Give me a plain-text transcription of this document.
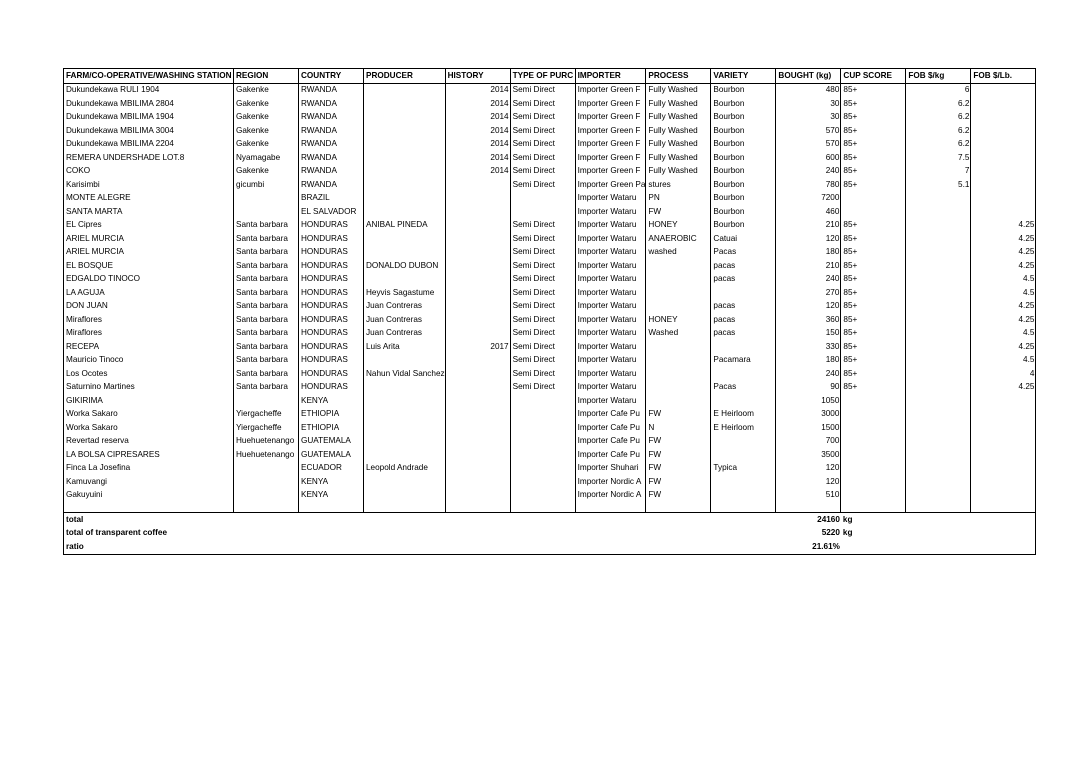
FARM/CO-OPERATIVE/WASHING STATION	REGION	COUNTRY	PRODUCER	HISTORY	TYPE OF PURC	IMPORTER	PROCESS	VARIETY	BOUGHT (kg)	CUP SCORE	FOB $/kg	FOB $/Lb.
Dukundekawa RULI 1904	Gakenke	RWANDA		2014	Semi Direct	Importer Green F	Fully Washed	Bourbon	480	85+	6	
Dukundekawa MBILIMA 2804	Gakenke	RWANDA		2014	Semi Direct	Importer Green F	Fully Washed	Bourbon	30	85+	6.2	
Dukundekawa MBILIMA 1904	Gakenke	RWANDA		2014	Semi Direct	Importer Green F	Fully Washed	Bourbon	30	85+	6.2	
Dukundekawa MBILIMA 3004	Gakenke	RWANDA		2014	Semi Direct	Importer Green F	Fully Washed	Bourbon	570	85+	6.2	
Dukundekawa MBILIMA 2204	Gakenke	RWANDA		2014	Semi Direct	Importer Green F	Fully Washed	Bourbon	570	85+	6.2	
REMERA UNDERSHADE LOT.8	Nyamagabe	RWANDA		2014	Semi Direct	Importer Green F	Fully Washed	Bourbon	600	85+	7.5	
COKO	Gakenke	RWANDA		2014	Semi Direct	Importer Green F	Fully Washed	Bourbon	240	85+	7	
Karisimbi	gicumbi	RWANDA			Semi Direct	Importer Green Pa	stures	Bourbon	780	85+	5.1	
MONTE ALEGRE		BRAZIL				Importer Wataru	PN	Bourbon	7200			
SANTA MARTA		EL SALVADOR				Importer Wataru	FW	Bourbon	460			
EL Cipres	Santa barbara	HONDURAS	ANIBAL PINEDA		Semi Direct	Importer Wataru	HONEY	Bourbon	210	85+		4.25
ARIEL MURCIA	Santa barbara	HONDURAS			Semi Direct	Importer Wataru	ANAEROBIC	Catuai	120	85+		4.25
ARIEL MURCIA	Santa barbara	HONDURAS			Semi Direct	Importer Wataru	washed	Pacas	180	85+		4.25
EL BOSQUE	Santa barbara	HONDURAS	DONALDO DUBON		Semi Direct	Importer Wataru		pacas	210	85+		4.25
EDGALDO TINOCO	Santa barbara	HONDURAS			Semi Direct	Importer Wataru		pacas	240	85+		4.5
LA AGUJA	Santa barbara	HONDURAS	Heyvis Sagastume		Semi Direct	Importer Wataru			270	85+		4.5
DON JUAN	Santa barbara	HONDURAS	Juan Contreras		Semi Direct	Importer Wataru		pacas	120	85+		4.25
Miraflores	Santa barbara	HONDURAS	Juan Contreras		Semi Direct	Importer Wataru	HONEY	pacas	360	85+		4.25
Miraflores	Santa barbara	HONDURAS	Juan Contreras		Semi Direct	Importer Wataru	Washed	pacas	150	85+		4.5
RECEPA	Santa barbara	HONDURAS	Luis Arita	2017	Semi Direct	Importer Wataru			330	85+		4.25
Mauricio Tinoco	Santa barbara	HONDURAS			Semi Direct	Importer Wataru		Pacamara	180	85+		4.5
Los Ocotes	Santa barbara	HONDURAS	Nahun Vidal Sanchez		Semi Direct	Importer Wataru			240	85+		4
Saturnino Martines	Santa barbara	HONDURAS			Semi Direct	Importer Wataru		Pacas	90	85+		4.25
GIKIRIMA		KENYA				Importer Wataru			1050			
Worka Sakaro	Yiergacheffe	ETHIOPIA				Importer Cafe Pu	FW	E Heirloom	3000			
Worka Sakaro	Yiergacheffe	ETHIOPIA				Importer Cafe Pu	N	E Heirloom	1500			
Revertad reserva	Huehuetenango	GUATEMALA				Importer Cafe Pu	FW		700			
LA BOLSA CIPRESARES	Huehuetenango	GUATEMALA				Importer Cafe Pu	FW		3500			
Finca La Josefina		ECUADOR	Leopold Andrade			Importer Shuhari	FW	Typica	120			
Kamuvangi		KENYA				Importer Nordic A	FW		120			
Gakuyuini		KENYA				Importer Nordic A	FW		510			

total									24160	kg		
total of transparent coffee									5220	kg		
ratio									21.61%			
